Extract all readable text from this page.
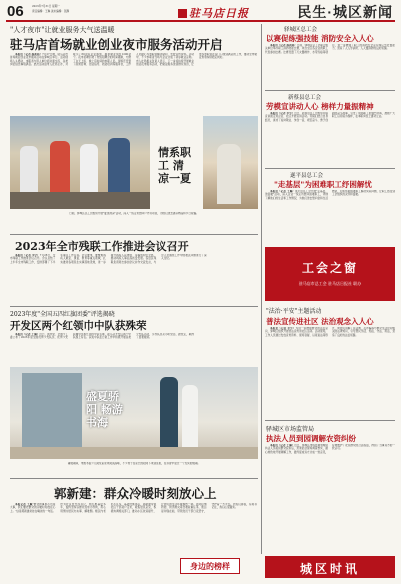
06	2023年7月31日 星期一
责任编辑：王琳 美术编辑：张静	驻马店日报	民生·城区新闻
"人才夜市"让就业服务大气送温暖
驻马店首场就业创业夜市服务活动开启

本报讯（记者 杨莉莉）7月27日晚，驻马店市首场就业创业夜市服务活动在驿城区举行。活动现场人头攒动，求职者与用人单位面对面交流，各类岗位信息琳琅满目。此次活动由市人社局主办，共吸引了60余家企业参加，提供就业岗位1200余个。夜市招聘打破了传统招聘会的时间限制，方便了白天上班、晚上有时间的求职人员。现场还设置了政策咨询、创业指导、技能培训等服务台，工作人员耐心为求职者解答疑问，发放宣传资料。活动中，不少求职者当场与企业达成了初步就业意向。市人社局相关负责人表示，下一步将持续开展就业创业夜市服务活动，把就业服务送到群众身边，让更多求职者在家门口找到满意的工作，推动全市就业形势持续稳定向好。

情系职工 清凉一夏
日前，驿城区总工会组织开展"夏送清凉"活动，深入一线走访慰问户外劳动者，为他们送去清凉物品和节日祝福。
2023年全市残联工作推进会议召开

本报讯（记者 李学）7月28日，全市残联工作推进会议召开。会议总结了上半年全市残联工作，安排部署了下半年重点工作任务。会议要求，要聚焦残疾人就业、康复、教育等重点领域，扎实推进各项民生实事落地见效，进一步提升残疾人获得感、幸福感和安全感，推动残疾人事业高质量发展。各县区残联负责同志参加会议并作交流发言，与会人员围绕工作中的难点问题进行了深入讨论。

2023年度"全国五四红旗团委"评选揭晓
开发区两个红领巾中队获殊荣

本报讯（记者 王琳）近日，团中央、全国少工委公布了2023年度全国优秀少先队员、优秀少先队辅导员和红领巾中队名单，驻马店开发区两个中队榜上有名。获奖中队在日常工作中积极开展各类少先队活动，引导队员从小听党话、跟党走，取得了显著成绩。

盛夏骄阳 畅游书海
暑假期间，市图书馆少儿阅览室迎来阅读高峰，不少孩子在家长的陪同下来到这里，在书香中度过一个充实的假期。
郭新建：群众冷暖时刻放心上

本报记者 王琳"群众的事再小也是大事，我们要把群众的冷暖时刻放在心上。"这是郭新建常挂在嘴边的一句话。作为社区党支部书记，他扎根基层多年，始终坚持以群众需求为导向，用心用情为居民办实事、解难题。辖区内老旧小区多，基础设施落后，郭新建带领社区干部逐户走访，收集居民意见，积极协调相关部门，推动小区改造提升，让居民的生活环境焕然一新。面对疫情防控、防汛救灾等急难险重任务，他总是冲锋在前，带领党员干部日夜坚守，守护着一方平安。居民们都说，有郭书记在，我们心里踏实。

驿城区总工会
以赛促练强技能 消防安全入人心

本报讯（记者 杨莉莉）日前，驿城区总工会联合相关单位举办职工消防技能比赛，来自全区各企业的职工代表参加比赛。比赛设置了灭火器操作、水带连接等项目，进一步增强了职工的消防安全意识和应急处置能力，营造了人人学消防、人人懂消防的良好氛围。

新蔡县总工会
劳模宣讲动人心 榜样力量振精神

本报讯（记者 李学）近日，新蔡县总工会组织劳模宣讲团走进企业、社区开展宣讲活动。劳模们结合自身经历，讲述了爱岗敬业、争创一流、艰苦奋斗、勇于创新的奋斗故事，引发了现场职工的强烈共鸣，激励广大职工以劳模为榜样，在本职岗位上建功立业。

遂平县总工会
"走基层"为困难职工纾困解忧

本报讯（记者 王琳）遂平县总工会开展"走基层、送温暖"活动，深入企业一线走访慰问困难职工，详细了解他们的生活和工作情况，为他们送去慰问金和生活物资，切实帮助困难职工解决实际问题，让职工感受到工会组织的关怀和温暖。

工会之窗
驻马店市总工会 驻马店日报社 联办
"法治·平安"主题活动
普法宣传进社区 法治观念入人心

本报讯（记者 李学）为进一步增强群众的法治意识，驿城区组织开展普法宣传进社区活动。活动现场，工作人员通过发放宣传资料、现场答疑、以案说法等形式，向居民讲解了民法典、反诈骗等与群众生活密切相关的法律知识，引导居民学法、知法、守法、用法，营造了良好的法治氛围。

驿城区市场监管局
执法人员到园调解农资纠纷

本报讯（记者 王琳）近日，驿城区市场监督管理局执法人员接到群众投诉后，迅速赶赴现场调查核实，耐心细致地开展调解工作，最终促成双方达成一致意见，有效维护了农民群众的合法权益，得到了当事双方的一致认可。

身边的榜样	城区时讯
